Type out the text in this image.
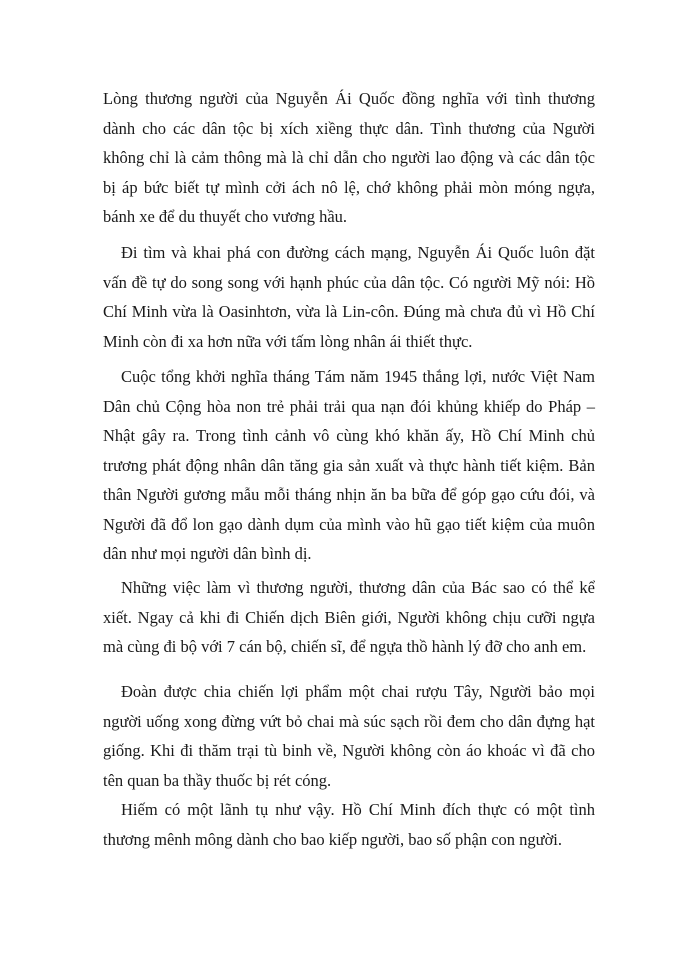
Lòng thương người của Nguyễn Ái Quốc đồng nghĩa với tình thương dành cho các dân tộc bị xích xiềng thực dân. Tình thương của Người không chỉ là cảm thông mà là chỉ dẫn cho người lao động và các dân tộc bị áp bức biết tự mình cởi ách nô lệ, chớ không phải mòn móng ngựa, bánh xe để du thuyết cho vương hầu.

Đi tìm và khai phá con đường cách mạng, Nguyễn Ái Quốc luôn đặt vấn đề tự do song song với hạnh phúc của dân tộc. Có người Mỹ nói: Hồ Chí Minh vừa là Oasinhtơn, vừa là Lin-côn. Đúng mà chưa đủ vì Hồ Chí Minh còn đi xa hơn nữa với tấm lòng nhân ái thiết thực.

Cuộc tổng khởi nghĩa tháng Tám năm 1945 thắng lợi, nước Việt Nam Dân chủ Cộng hòa non trẻ phải trải qua nạn đói khủng khiếp do Pháp – Nhật gây ra. Trong tình cảnh vô cùng khó khăn ấy, Hồ Chí Minh chủ trương phát động nhân dân tăng gia sản xuất và thực hành tiết kiệm. Bản thân Người gương mẫu mỗi tháng nhịn ăn ba bữa để góp gạo cứu đói, và Người đã đổ lon gạo dành dụm của mình vào hũ gạo tiết kiệm của muôn dân như mọi người dân bình dị.

Những việc làm vì thương người, thương dân của Bác sao có thể kể xiết. Ngay cả khi đi Chiến dịch Biên giới, Người không chịu cưỡi ngựa mà cùng đi bộ với 7 cán bộ, chiến sĩ, để ngựa thồ hành lý đỡ cho anh em.

Đoàn được chia chiến lợi phẩm một chai rượu Tây, Người bảo mọi người uống xong đừng vứt bỏ chai mà súc sạch rồi đem cho dân đựng hạt giống. Khi đi thăm trại tù binh về, Người không còn áo khoác vì đã cho tên quan ba thầy thuốc bị rét cóng.

Hiếm có một lãnh tụ như vậy. Hồ Chí Minh đích thực có một tình thương mênh mông dành cho bao kiếp người, bao số phận con người.
